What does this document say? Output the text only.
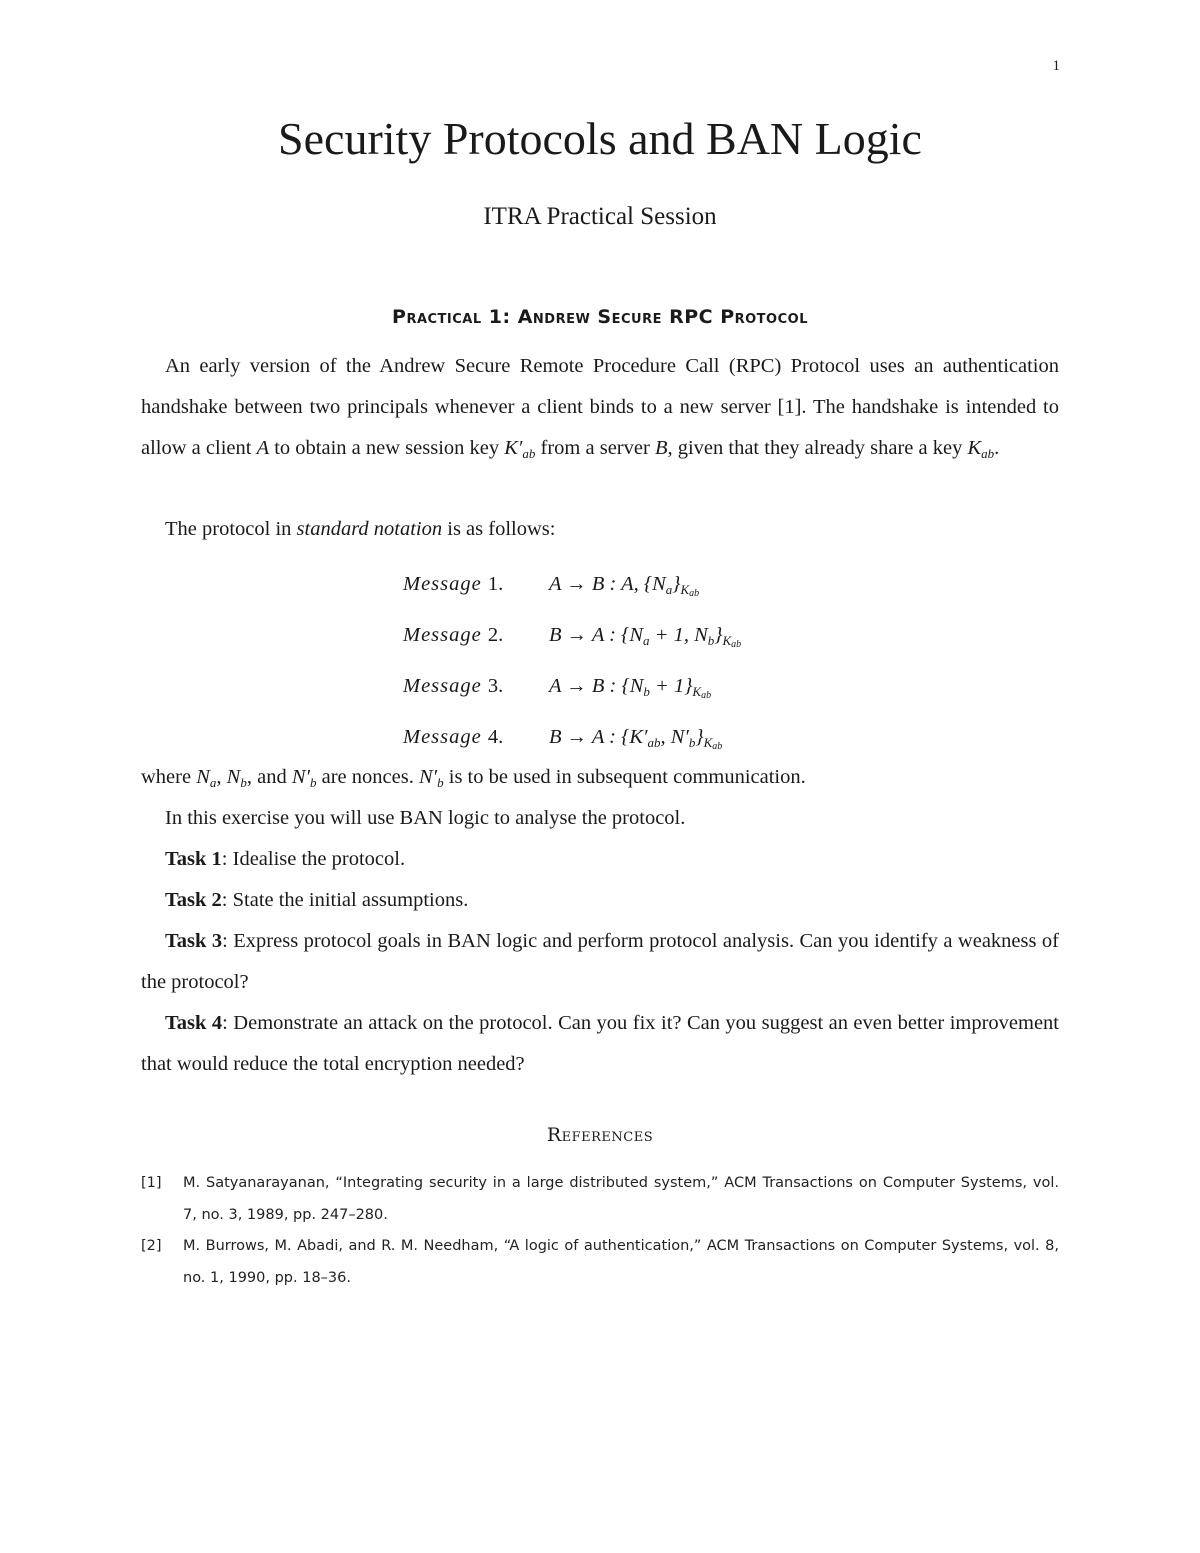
1
Security Protocols and BAN Logic
ITRA Practical Session
Practical 1: Andrew Secure RPC Protocol

An early version of the Andrew Secure Remote Procedure Call (RPC) Protocol uses an authentication handshake between two principals whenever a client binds to a new server [1]. The handshake is intended to allow a client A to obtain a new session key $K'_{ab}$ from a server B, given that they already share a key $K_{ab}$.

The protocol in standard notation is as follows:

Message 1.	A → B : A, $\{N_a\}_{K_{ab}}$
Message 2.	B → A : {$N_a + 1$, $N_b\}_{K_{ab}}$
Message 3.	A → B : $\{N_b + 1\}_{K_{ab}}$
Message 4.	B → A : {$K'_{ab}$, $N'_b\}_{K_{ab}}$

where $N_a$, $N_b$, and $N'_b$ are nonces. $N'_b$ is to be used in subsequent communication.

In this exercise you will use BAN logic to analyse the protocol.

Task 1: Idealise the protocol.

Task 2: State the initial assumptions.

Task 3: Express protocol goals in BAN logic and perform protocol analysis. Can you identify a weakness of the protocol?

Task 4: Demonstrate an attack on the protocol. Can you fix it? Can you suggest an even better improvement that would reduce the total encryption needed?

References
[1]	M. Satyanarayanan, “Integrating security in a large distributed system,” ACM Transactions on Computer Systems, vol. 7, no. 3, 1989, pp. 247–280.
[2]	M. Burrows, M. Abadi, and R. M. Needham, “A logic of authentication,” ACM Transactions on Computer Systems, vol. 8, no. 1, 1990, pp. 18–36.
